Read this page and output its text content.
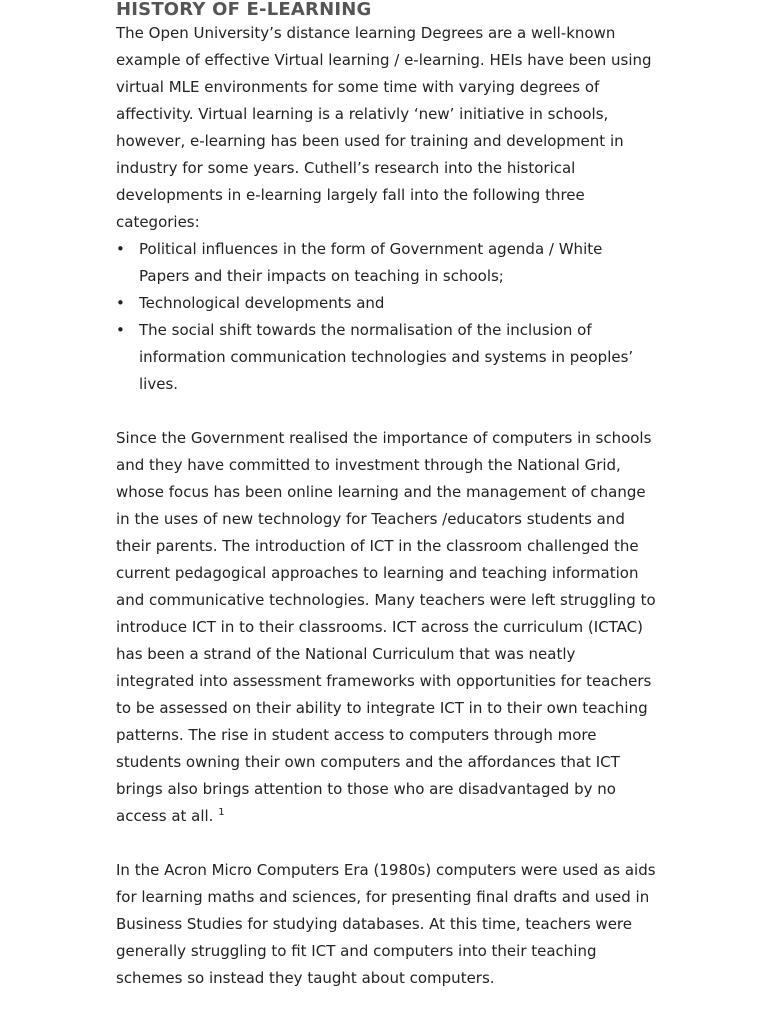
HISTORY OF E-LEARNING

The Open University’s distance learning Degrees are a well-known example of effective Virtual learning / e-learning. HEIs have been using virtual MLE environments for some time with varying degrees of affectivity. Virtual learning is a relativly ‘new’ initiative in schools, however, e-learning has been used for training and development in industry for some years. Cuthell’s research into the historical developments in e-learning largely fall into the following three categories:

• Political influences in the form of Government agenda / White Papers and their impacts on teaching in schools;
• Technological developments and
• The social shift towards the normalisation of the inclusion of information communication technologies and systems in peoples’ lives.

Since the Government realised the importance of computers in schools and they have committed to investment through the National Grid, whose focus has been online learning and the management of change in the uses of new technology for Teachers /educators students and their parents. The introduction of ICT in the classroom challenged the current pedagogical approaches to learning and teaching information and communicative technologies. Many teachers were left struggling to introduce ICT in to their classrooms. ICT across the curriculum (ICTAC) has been a strand of the National Curriculum that was neatly integrated into assessment frameworks with opportunities for teachers to be assessed on their ability to integrate ICT in to their own teaching patterns. The rise in student access to computers through more students owning their own computers and the affordances that ICT brings also brings attention to those who are disadvantaged by no access at all. $^1$

In the Acron Micro Computers Era (1980s) computers were used as aids for learning maths and sciences, for presenting final drafts and used in Business Studies for studying databases. At this time, teachers were generally struggling to fit ICT and computers into their teaching schemes so instead they taught about computers.
